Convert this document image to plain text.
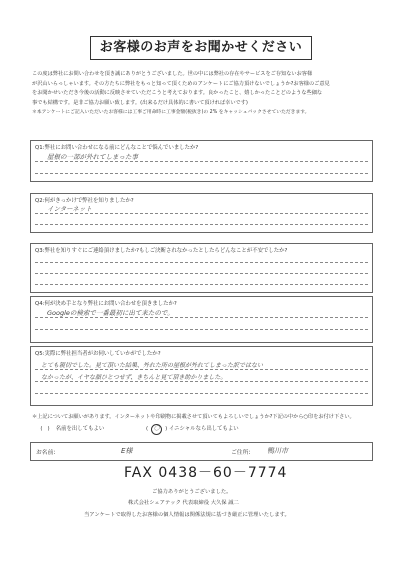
お客様のお声をお聞かせください
この度は弊社にお問い合わせを頂き誠にありがとうございました。世の中には弊社の存在やサービスをご存知ないお客様
が沢山いらっしゃいます。その方たちに弊社をもっと知って頂くためのアンケートにご協力頂けないでしょうか?お客様のご意見
をお聞かせいただき今後の活動に反映させていただこうと考えております。良かったこと、嬉しかったことどのような些細な
事でも結構です。是非ご協力お願い致します。(出来るだけ具体的に書いて頂ければ幸いです)
＊本アンケートにご記入いただいたお客様には工事ご用命時に工事金額(税抜き)の 2% をキャッシュバックさせていただきます。
Q1:弊社にお問い合わせになる前にどんなことで悩んでいましたか?
屋根の一部が外れてしまった事
Q2:何がきっかけで弊社を知りましたか?
インターネット
Q3:弊社を知りすぐにご連絡頂けましたか?もしご決断されなかったとしたらどんなことが不安でしたか?
Q4:何が決め手となり弊社にお問い合わせを頂きましたか?
Googleの検索で一番最初に出て来たので。
Q5:実際に弊社担当者がお伺いしていかがでしたか?
とても親切でした。見て頂いた結果、外れた所の屋根が外れてしまった訳ではない
なかったが、イヤな顔ひとつせず、きちんと見て頂き助かりました。
＊上記についてお願いがあります。インターネットや印刷物に掲載させて頂いてもよろしいでしょうか?下記の中から○印をお付け下さい。
(   ) 名前を出してもよい	( 〇 ) イニシャルなら出してもよい
お名前:	E様	ご住所: 鴨川市
FAX 0438－60－7774
ご協力ありがとうございました。
株式会社シェアテック 代表取締役 大久保 誠二
当アンケートで取得したお客様の個人情報は関係法規に基づき厳正に管理いたします。
